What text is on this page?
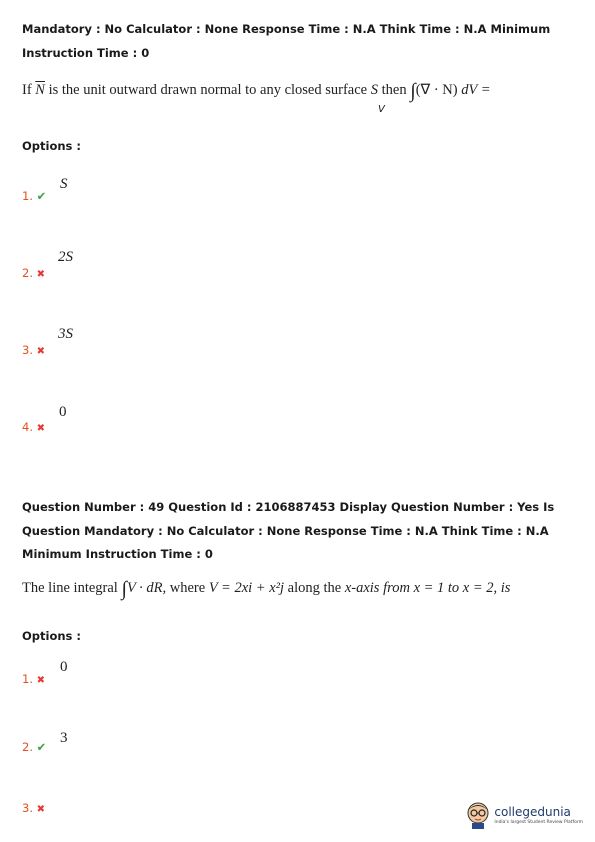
Mandatory : No Calculator : None Response Time : N.A Think Time : N.A Minimum Instruction Time : 0
If $\overline{N}$ is the unit outward drawn normal to any closed surface S then ∫(∇ · N) dV =
V
Options :
1. ✔
S
2. ✖
2S
3. ✖
3S
4. ✖
0
Question Number : 49 Question Id : 2106887453 Display Question Number : Yes Is Question Mandatory : No Calculator : None Response Time : N.A Think Time : N.A Minimum Instruction Time : 0
The line integral ∫V · dR, where V = 2xi + x²j along the x-axis from x = 1 to x = 2, is
Options :
1. ✖
0
2. ✔
3
3. ✖	collegedunia
India's largest Student Review Platform
